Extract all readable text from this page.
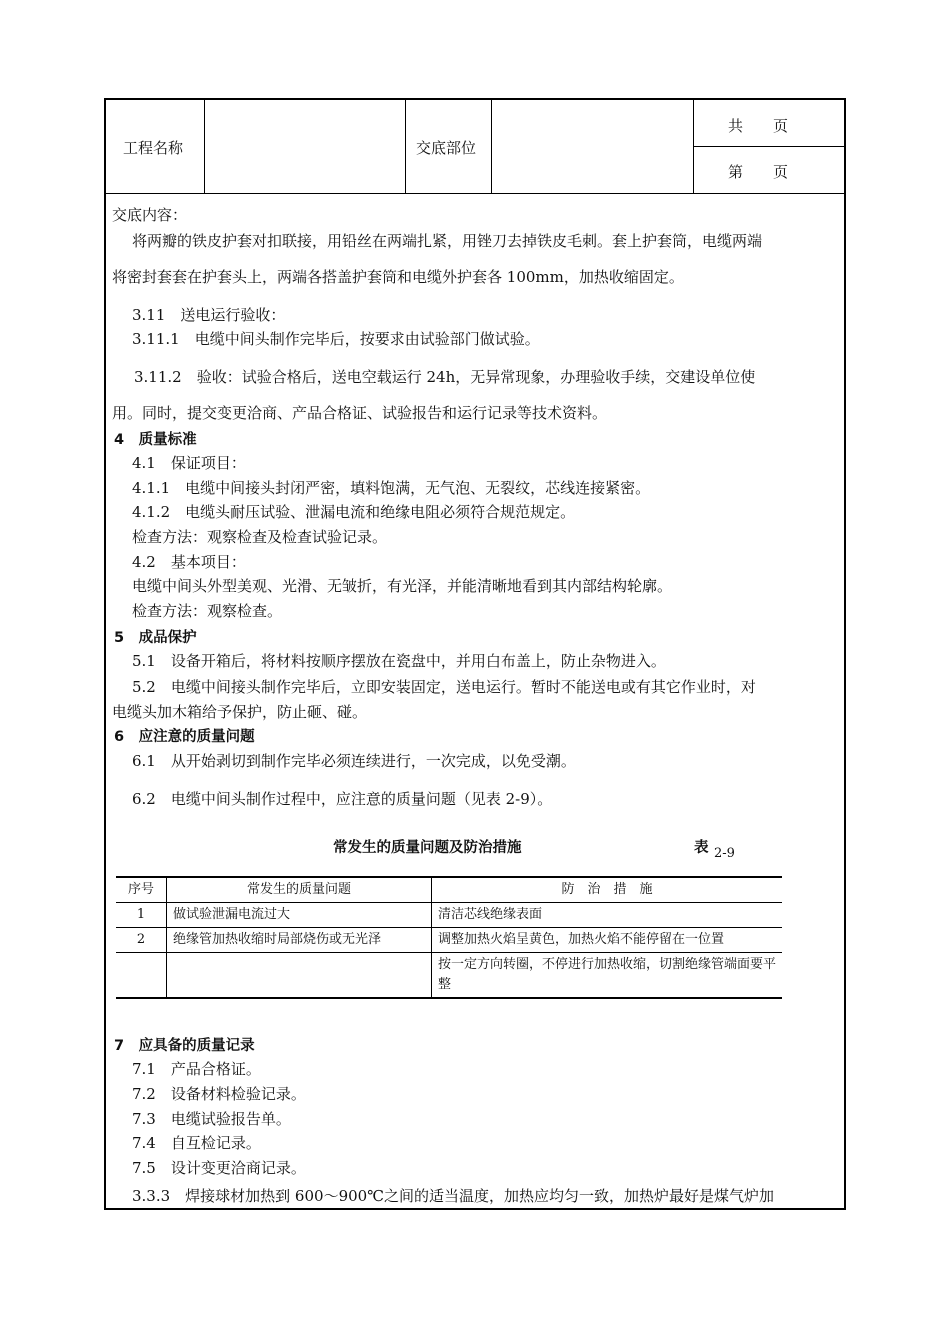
工程名称	交底部位
共　　页
第　　页
交底内容：
将两瓣的铁皮护套对扣联接，用铅丝在两端扎紧，用锉刀去掉铁皮毛刺。套上护套筒，电缆两端
将密封套套在护套头上，两端各搭盖护套筒和电缆外护套各 100mm，加热收缩固定。
3.11　送电运行验收：
3.11.1　电缆中间头制作完毕后，按要求由试验部门做试验。
3.11.2　验收：试验合格后，送电空载运行 24h，无异常现象，办理验收手续，交建设单位使
用。同时，提交变更洽商、产品合格证、试验报告和运行记录等技术资料。
4　质量标准
4.1　保证项目：
4.1.1　电缆中间接头封闭严密，填料饱满，无气泡、无裂纹，芯线连接紧密。
4.1.2　电缆头耐压试验、泄漏电流和绝缘电阻必须符合规范规定。
检查方法：观察检查及检查试验记录。
4.2　基本项目：
电缆中间头外型美观、光滑、无皱折，有光泽，并能清晰地看到其内部结构轮廓。
检查方法：观察检查。
5　成品保护
5.1　设备开箱后，将材料按顺序摆放在瓷盘中，并用白布盖上，防止杂物进入。
5.2　电缆中间接头制作完毕后，立即安装固定，送电运行。暂时不能送电或有其它作业时，对
电缆头加木箱给予保护，防止砸、碰。
6　应注意的质量问题
6.1　从开始剥切到制作完毕必须连续进行，一次完成，以免受潮。
6.2　电缆中间头制作过程中，应注意的质量问题（见表 2-9）。
常发生的质量问题及防治措施	表 2-9
序号	常发生的质量问题	防　治　措　施
1	做试验泄漏电流过大	清洁芯线绝缘表面
2	绝缘管加热收缩时局部烧伤或无光泽	调整加热火焰呈黄色，加热火焰不能停留在一位置
		按一定方向转圈，不停进行加热收缩，切割绝缘管端面要平整
7　应具备的质量记录
7.1　产品合格证。
7.2　设备材料检验记录。
7.3　电缆试验报告单。
7.4　自互检记录。
7.5　设计变更洽商记录。
3.3.3　焊接球材加热到 600～900℃之间的适当温度，加热应均匀一致，加热炉最好是煤气炉加
